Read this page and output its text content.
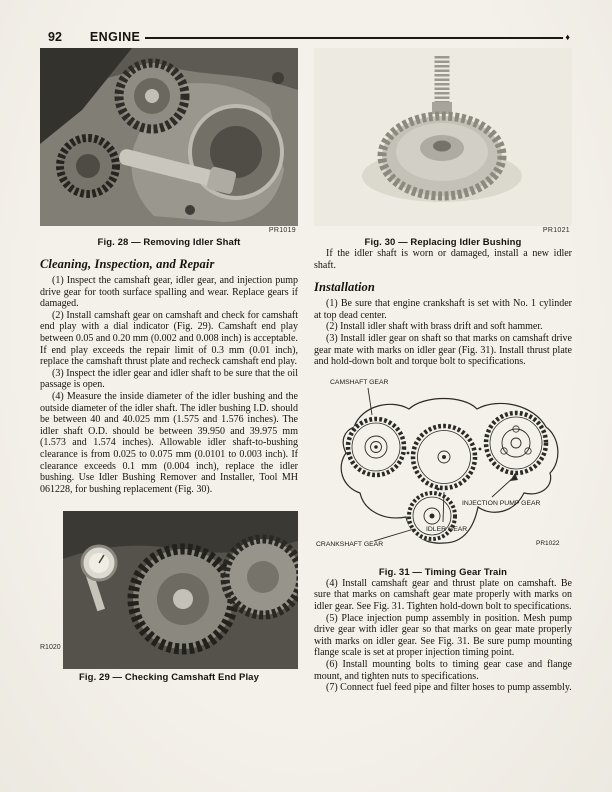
92 ENGINE	♦
PR1019
Fig. 28 — Removing Idler Shaft
Cleaning, Inspection, and Repair

(1) Inspect the camshaft gear, idler gear, and injection pump drive gear for tooth surface spalling and wear. Replace gears if damaged.

(2) Install camshaft gear on camshaft and check for camshaft end play with a dial indicator (Fig. 29). Camshaft end play between 0.05 and 0.20 mm (0.002 and 0.008 inch) is acceptable. If end play exceeds the repair limit of 0.3 mm (0.01 inch), replace the camshaft thrust plate and recheck camshaft end play.

(3) Inspect the idler gear and idler shaft to be sure that the oil passage is open.

(4) Measure the inside diameter of the idler bushing and the outside diameter of the idler shaft. The idler bushing I.D. should be between 40 and 40.025 mm (1.575 and 1.576 inches). The idler shaft O.D. should be between 39.950 and 39.975 mm (1.573 and 1.574 inches). Allowable idler shaft-to-bushing clearance is from 0.025 to 0.075 mm (0.0101 to 0.003 inch). If clearance exceeds 0.1 mm (0.004 inch), replace the idler bushing. Use Idler Bushing Remover and Installer, Tool MH 061228, for bushing replacement (Fig. 30).

R1020
Fig. 29 — Checking Camshaft End Play
PR1021
Fig. 30 — Replacing Idler Bushing

If the idler shaft is worn or damaged, install a new idler shaft.

Installation

(1) Be sure that engine crankshaft is set with No. 1 cylinder at top dead center.

(2) Install idler shaft with brass drift and soft hammer.

(3) Install idler gear on shaft so that marks on camshaft drive gear mate with marks on idler gear (Fig. 31). Install thrust plate and hold-down bolt and torque bolt to specifications.

CAMSHAFT GEAR
INJECTION PUMP GEAR
IDLER GEAR
CRANKSHAFT GEAR	PR1022
Fig. 31 — Timing Gear Train

(4) Install camshaft gear and thrust plate on camshaft. Be sure that marks on camshaft gear mate properly with marks on idler gear. See Fig. 31. Tighten hold-down bolt to specifications.

(5) Place injection pump assembly in position. Mesh pump drive gear with idler gear so that marks on gear mate properly with marks on idler gear. See Fig. 31. Be sure pump mounting flange scale is set at proper injection timing point.

(6) Install mounting bolts to timing gear case and flange mount, and tighten nuts to specifications.

(7) Connect fuel feed pipe and filter hoses to pump assembly.
